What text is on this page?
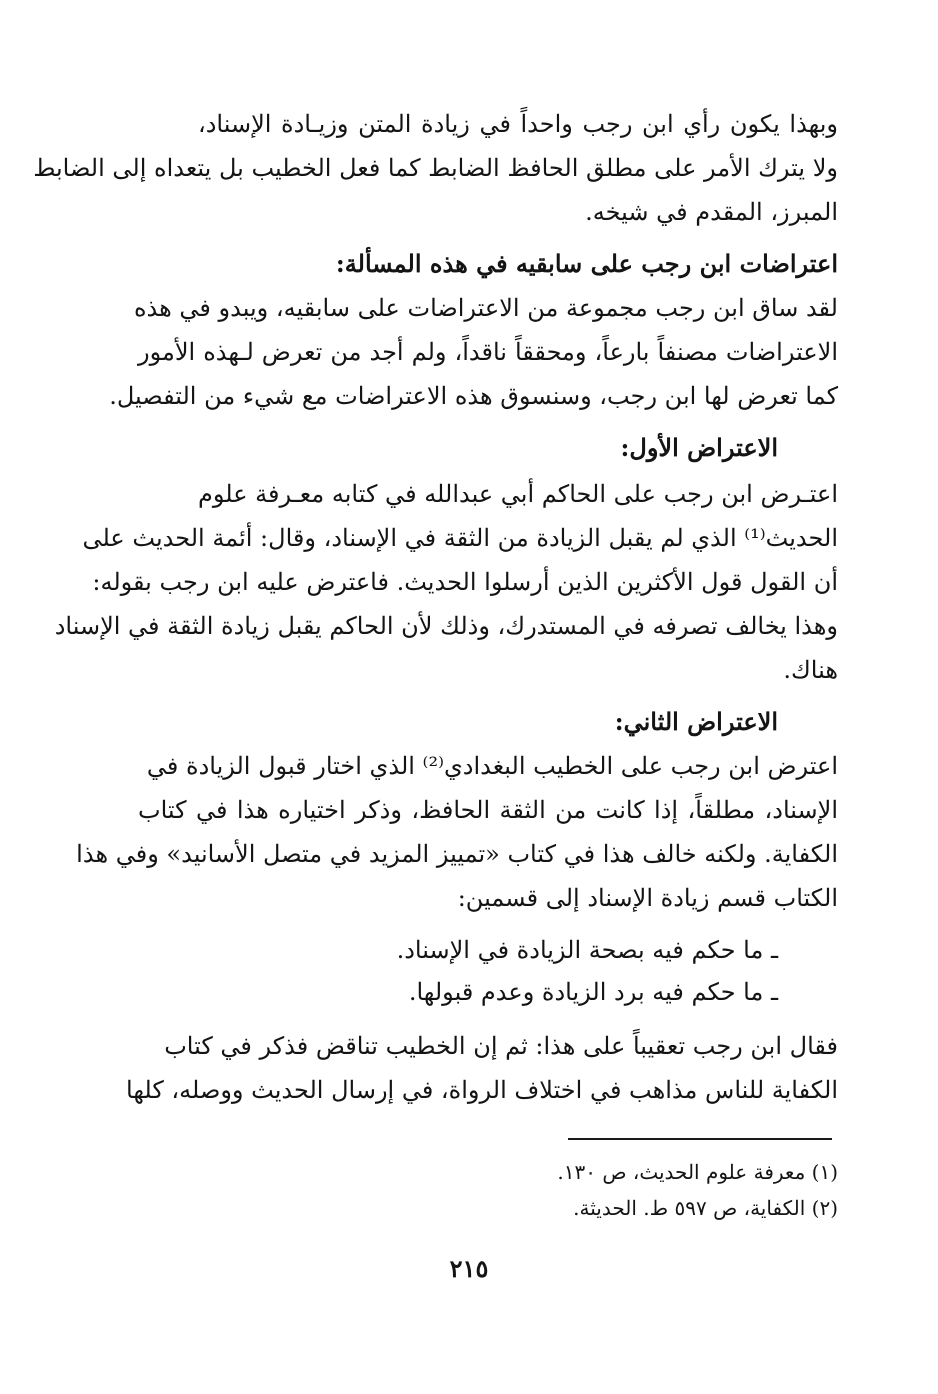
وبهذا يكون رأي ابن رجب واحداً في زيادة المتن وزيـادة الإسناد،
ولا يترك الأمر على مطلق الحافظ الضابط كما فعل الخطيب بل يتعداه إلى الضابط
المبرز، المقدم في شيخه.
اعتراضات ابن رجب على سابقيه في هذه المسألة:
لقد ساق ابن رجب مجموعة من الاعتراضات على سابقيه، ويبدو في هذه
الاعتراضات مصنفاً بارعاً، ومحققاً ناقداً، ولم أجد من تعرض لـهذه الأمور
كما تعرض لها ابن رجب، وسنسوق هذه الاعتراضات مع شيء من التفصيل.
الاعتراض الأول:
اعتـرض ابن رجب على الحاكم أبي عبدالله في كتابه معـرفة علوم
الحديث⁽¹⁾ الذي لم يقبل الزيادة من الثقة في الإسناد، وقال: أئمة الحديث على
أن القول قول الأكثرين الذين أرسلوا الحديث. فاعترض عليه ابن رجب بقوله:
وهذا يخالف تصرفه في المستدرك، وذلك لأن الحاكم يقبل زيادة الثقة في الإسناد
هناك.
الاعتراض الثاني:
اعترض ابن رجب على الخطيب البغدادي⁽²⁾ الذي اختار قبول الزيادة في
الإسناد، مطلقاً، إذا كانت من الثقة الحافظ، وذكر اختياره هذا في كتاب
الكفاية. ولكنه خالف هذا في كتاب «تمييز المزيد في متصل الأسانيد» وفي هذا
الكتاب قسم زيادة الإسناد إلى قسمين:
ـ ما حكم فيه بصحة الزيادة في الإسناد.
ـ ما حكم فيه برد الزيادة وعدم قبولها.
فقال ابن رجب تعقيباً على هذا: ثم إن الخطيب تناقض فذكر في كتاب
الكفاية للناس مذاهب في اختلاف الرواة، في إرسال الحديث ووصله، كلها
(١) معرفة علوم الحديث، ص ١٣٠.
(٢) الكفاية، ص ٥٩٧ ط. الحديثة.
٢١٥
